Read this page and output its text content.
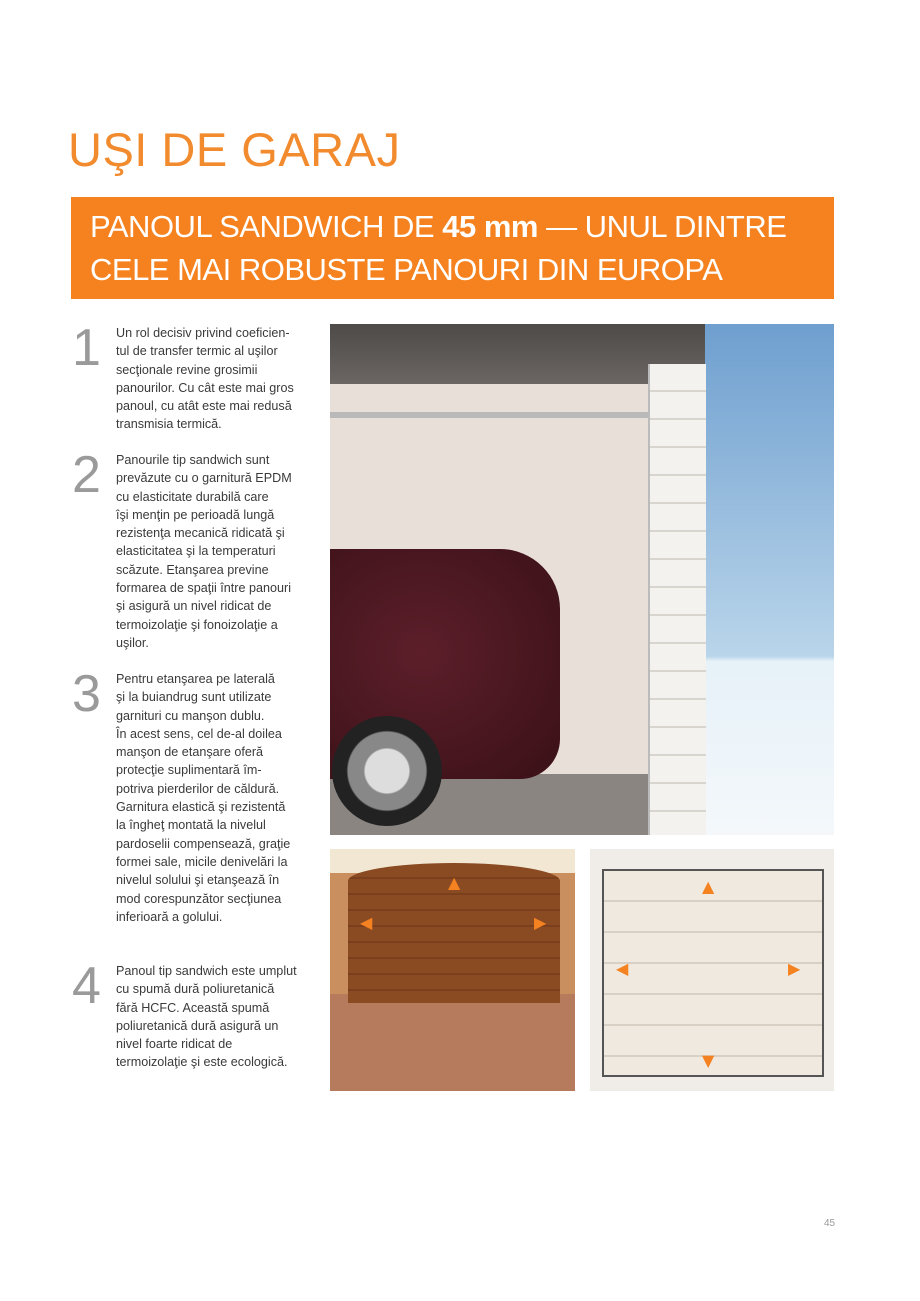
UŞI DE GARAJ
PANOUL SANDWICH DE 45 mm — UNUL DINTRE
CELE MAI ROBUSTE PANOURI DIN EUROPA
1 Un rol decisiv privind coeficien-
tul de transfer termic al uşilor
secţionale revine grosimii
panourilor. Cu cât este mai gros
panoul, cu atât este mai redusă
transmisia termică.
2 Panourile tip sandwich sunt
prevăzute cu o garnitură EPDM
cu elasticitate durabilă care
îşi menţin pe perioadă lungă
rezistenţa mecanică ridicată şi
elasticitatea şi la temperaturi
scăzute. Etanşarea previne
formarea de spaţii între panouri
şi asigură un nivel ridicat de
termoizolaţie şi fonoizolaţie a
uşilor.
3 Pentru etanşarea pe laterală
şi la buiandrug sunt utilizate
garnituri cu manşon dublu.
În acest sens, cel de-al doilea
manşon de etanşare oferă
protecţie suplimentară îm-
potriva pierderilor de căldură.
Garnitura elastică şi rezistentă
la îngheţ montată la nivelul
pardoselii compensează, graţie
formei sale, micile denivelări la
nivelul solului şi etanşează în
mod corespunzător secţiunea
inferioară a golului.
4 Panoul tip sandwich este umplut
cu spumă dură poliuretanică
fără HCFC. Această spumă
poliuretanică dură asigură un
nivel foarte ridicat de
termoizolaţie şi este ecologică.
▲
◀	▶
▲
◀	▶
▼
45
